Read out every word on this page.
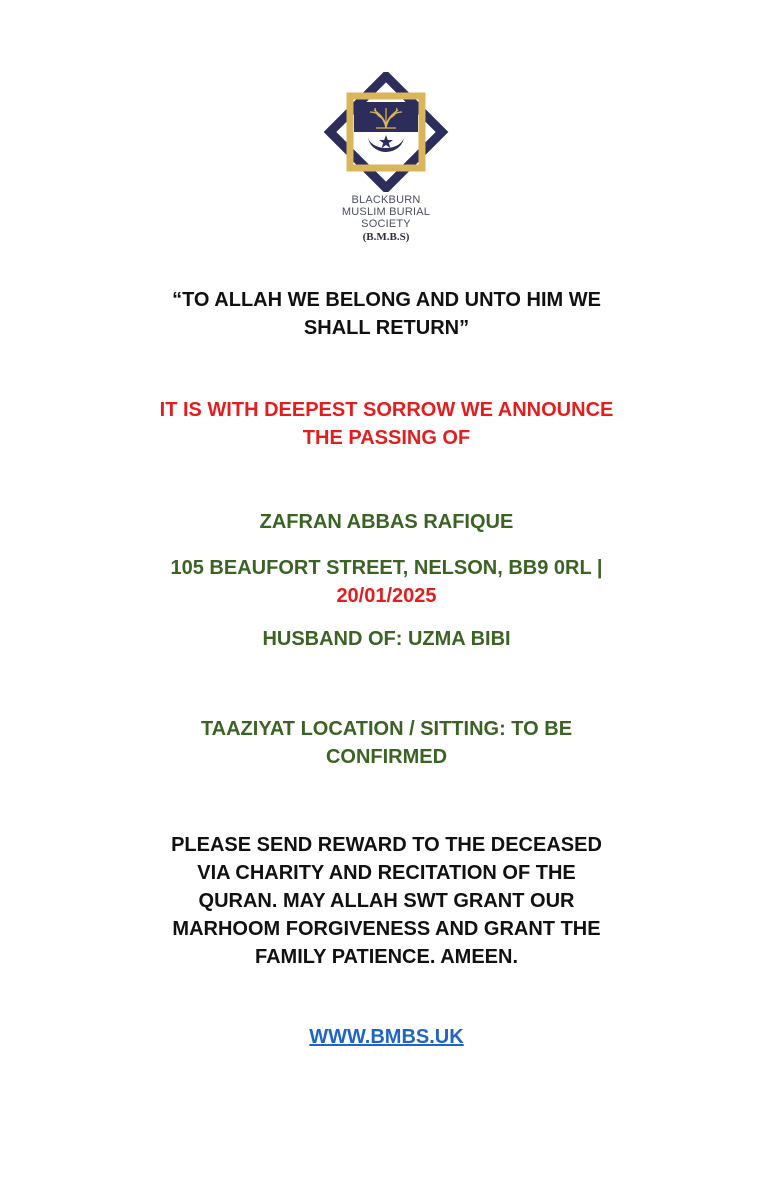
BLACKBURN
MUSLIM BURIAL
SOCIETY
(B.M.B.S)
“TO ALLAH WE BELONG AND UNTO HIM WE
SHALL RETURN”
IT IS WITH DEEPEST SORROW WE ANNOUNCE
THE PASSING OF
ZAFRAN ABBAS RAFIQUE
105 BEAUFORT STREET, NELSON, BB9 0RL |
20/01/2025
HUSBAND OF: UZMA BIBI
TAAZIYAT LOCATION / SITTING: TO BE
CONFIRMED
PLEASE SEND REWARD TO THE DECEASED
VIA CHARITY AND RECITATION OF THE
QURAN. MAY ALLAH SWT GRANT OUR
MARHOOM FORGIVENESS AND GRANT THE
FAMILY PATIENCE. AMEEN.
WWW.BMBS.UK
